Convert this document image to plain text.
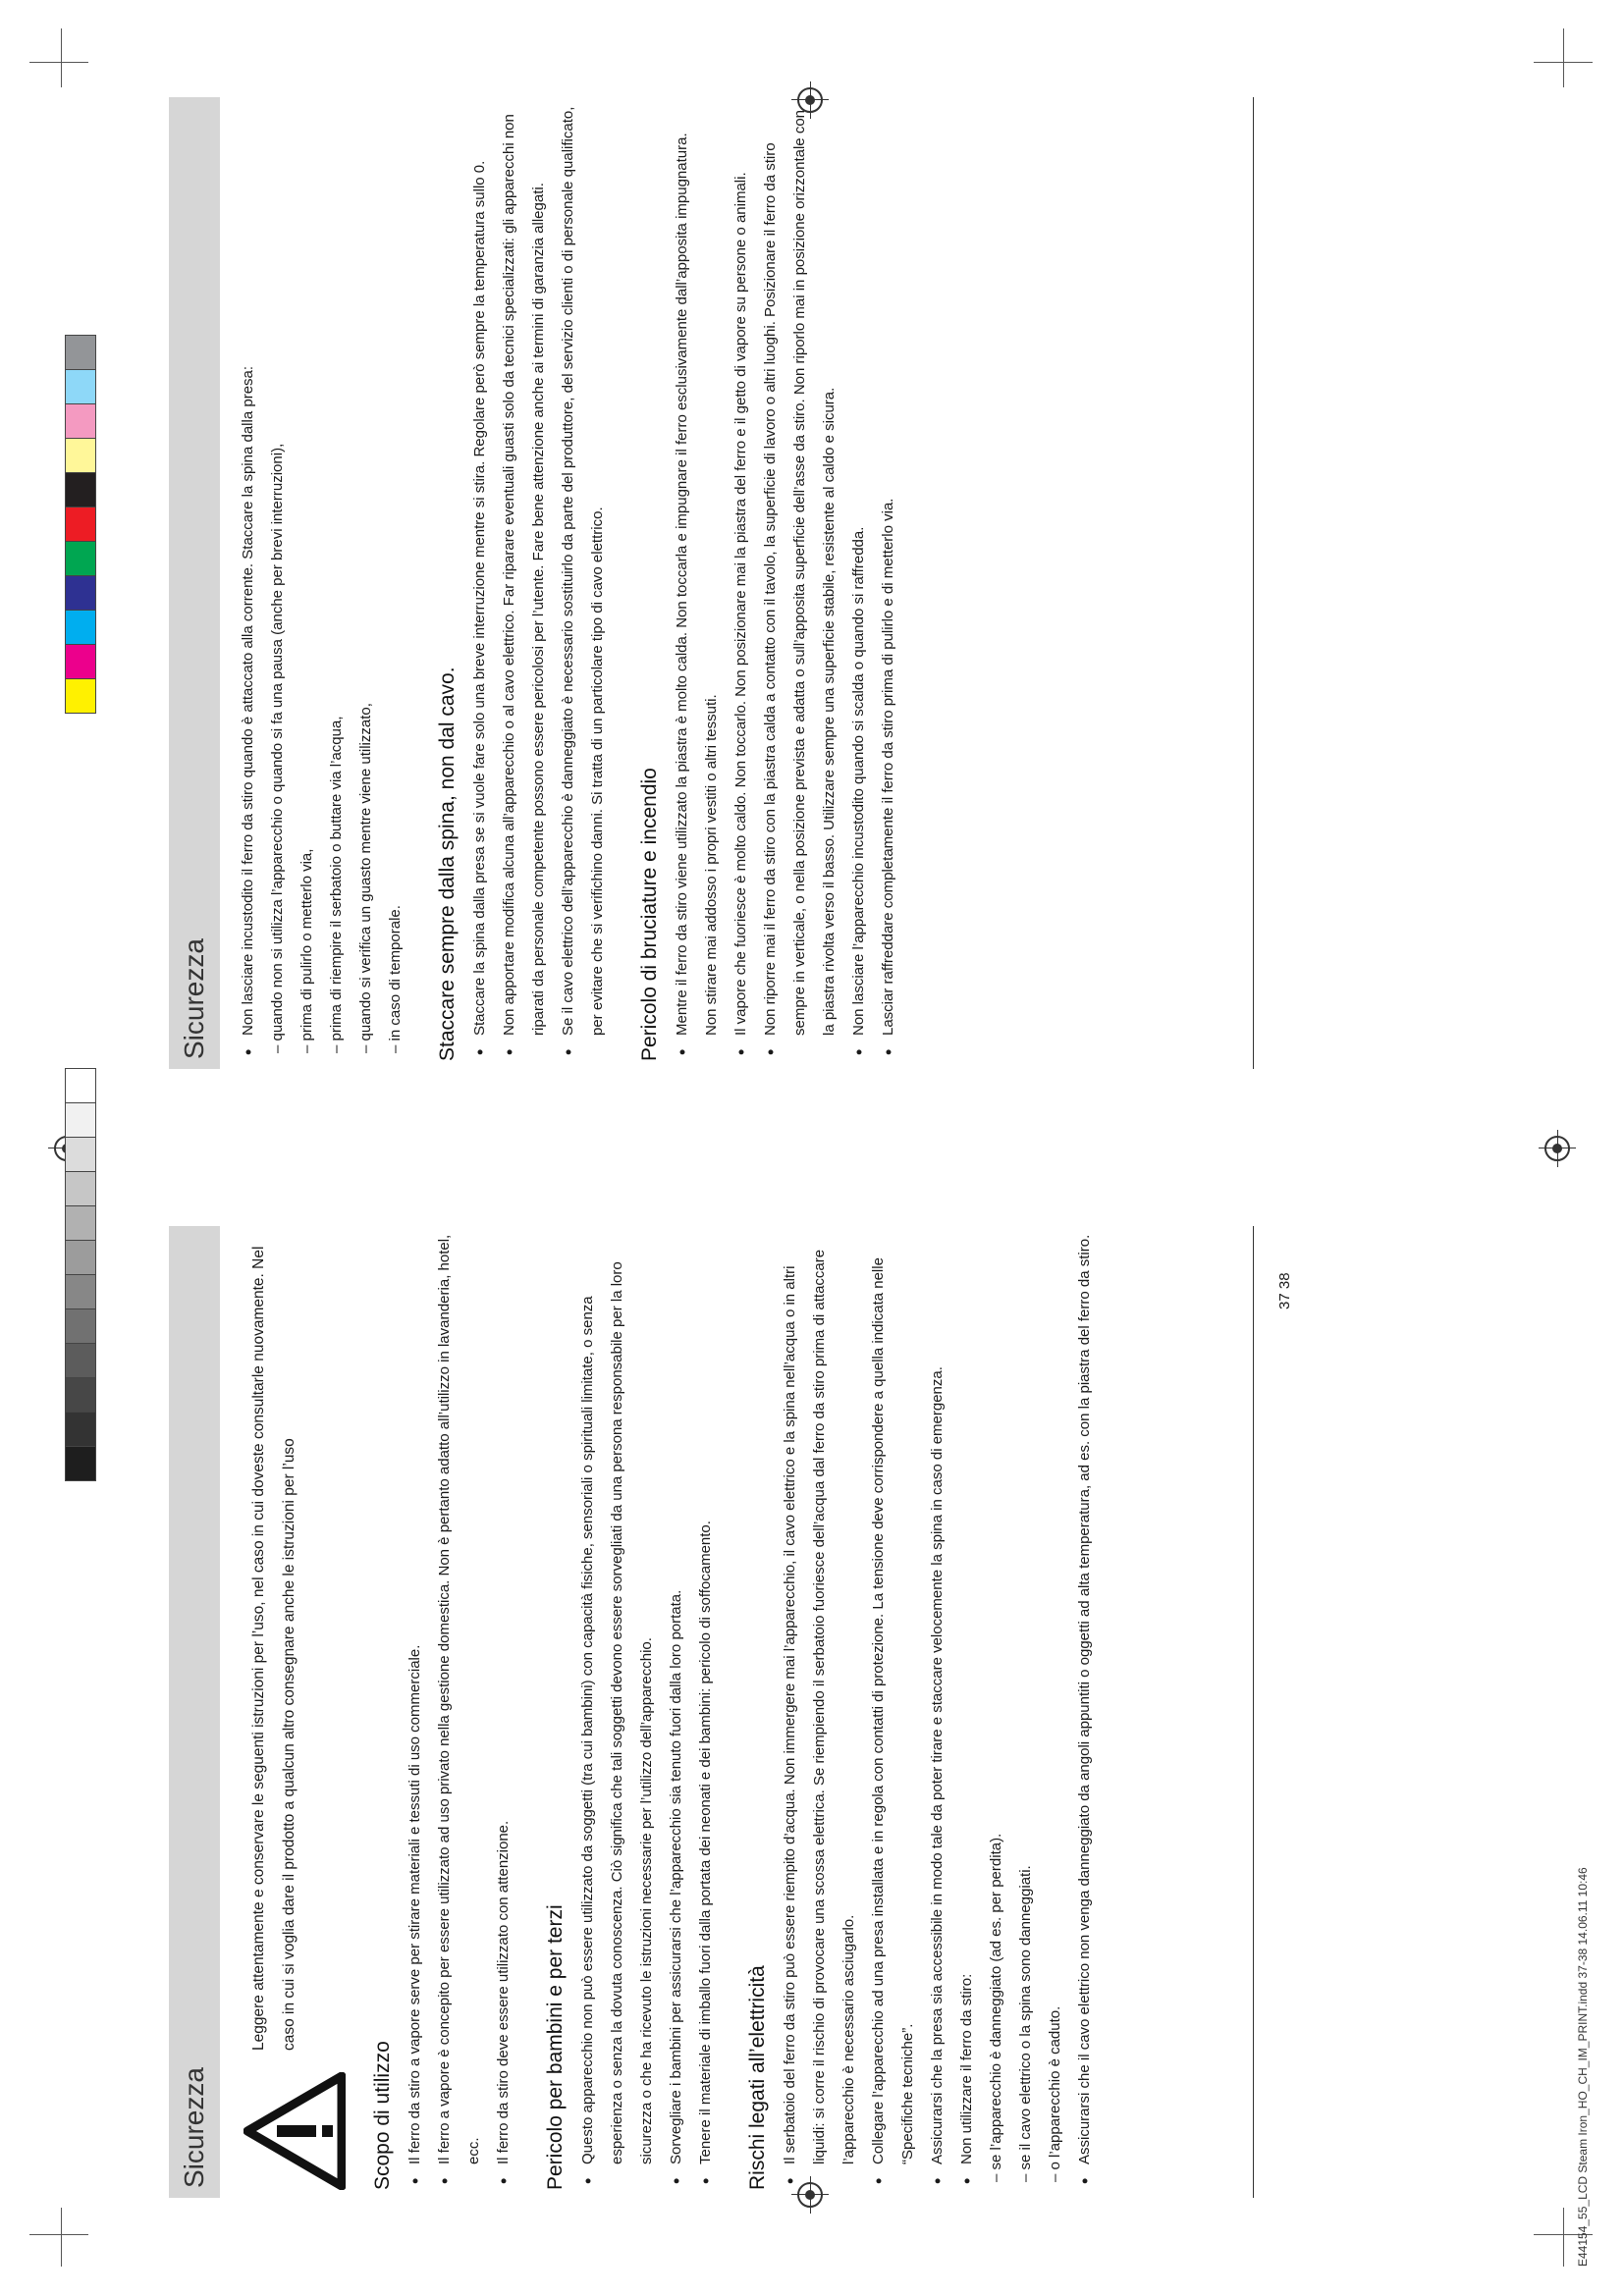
Sicurezza

Leggere attentamente e conservare le seguenti istruzioni per l’uso, nel caso in cui doveste consultarle nuovamente. Nel caso in cui si voglia dare il prodotto a qualcun altro consegnare anche le istruzioni per l’uso

Scopo di utilizzo • Il ferro da stiro a vapore serve per stirare materiali e tessuti di uso commerciale. • Il ferro a vapore è concepito per essere utilizzato ad uso privato nella gestione domestica. Non è pertanto adatto all’utilizzo in lavanderia, hotel, ecc. • Il ferro da stiro deve essere utilizzato con attenzione.	Pericolo per bambini e per terzi • Questo apparecchio non può essere utilizzato da soggetti (tra cui bambini) con capacità fisiche, sensoriali o spirituali limitate, o senza esperienza o senza la dovuta conoscenza. Ciò significa che tali soggetti devono essere sorvegliati da una persona responsabile per la loro sicurezza o che ha ricevuto le istruzioni necessarie per l’utilizzo dell’apparecchio. • Sorvegliare i bambini per assicurarsi che l’apparecchio sia tenuto fuori dalla loro portata. • Tenere il materiale di imballo fuori dalla portata dei neonati e dei bambini: pericolo di soffocamento.	Rischi legati all’elettricità • Il serbatoio del ferro da stiro può essere riempito d’acqua. Non immergere mai l’apparecchio, il cavo elettrico e la spina nell’acqua o in altri liquidi: si corre il rischio di provocare una scossa elettrica. Se riempiendo il serbatoio fuoriesce dell’acqua dal ferro da stiro prima di attaccare l’apparecchio è necessario asciugarlo. • Collegare l’apparecchio ad una presa installata e in regola con contatti di protezione. La tensione deve corrispondere a quella indicata nelle “Specifiche tecniche”. • Assicurarsi che la presa sia accessibile in modo tale da poter tirare e staccare velocemente la spina in caso di emergenza. • Non utilizzare il ferro da stiro: – se l’apparecchio è danneggiato (ad es. per perdita). – se il cavo elettrico o la spina sono danneggiati. – o l’apparecchio è caduto. • Assicurarsi che il cavo elettrico non venga danneggiato da angoli appuntiti o oggetti ad alta temperatura, ad es. con la piastra del ferro da stiro.
Sicurezza	• Non lasciare incustodito il ferro da stiro quando è attaccato alla corrente. Staccare la spina dalla presa: – quando non si utilizza l’apparecchio o quando si fa una pausa (anche per brevi interruzioni), – prima di pulirlo o metterlo via, – prima di riempire il serbatoio o buttare via l’acqua, – quando si verifica un guasto mentre viene utilizzato, – in caso di temporale.	Staccare sempre dalla spina, non dal cavo. • Staccare la spina dalla presa se si vuole fare solo una breve interruzione mentre si stira. Regolare però sempre la temperatura sullo 0. • Non apportare modifica alcuna all’apparecchio o al cavo elettrico. Far riparare eventuali guasti solo da tecnici specializzati: gli apparecchi non riparati da personale competente possono essere pericolosi per l’utente. Fare bene attenzione anche ai termini di garanzia allegati. • Se il cavo elettrico dell’apparecchio è danneggiato è necessario sostituirlo da parte del produttore, del servizio clienti o di personale qualificato, per evitare che si verifichino danni. Si tratta di un particolare tipo di cavo elettrico.	Pericolo di bruciature e incendio • Mentre il ferro da stiro viene utilizzato la piastra è molto calda. Non toccarla e impugnare il ferro esclusivamente dall’apposita impugnatura. Non stirare mai addosso i propri vestiti o altri tessuti. • Il vapore che fuoriesce è molto caldo. Non toccarlo. Non posizionare mai la piastra del ferro e il getto di vapore su persone o animali. • Non riporre mai il ferro da stiro con la piastra calda a contatto con il tavolo, la superficie di lavoro o altri luoghi. Posizionare il ferro da stiro sempre in verticale, o nella posizione prevista e adatta o sull’apposita superficie dell’asse da stiro. Non riporlo mai in posizione orizzontale con la piastra rivolta verso il basso. Utilizzare sempre una superficie stabile, resistente al caldo e sicura. • Non lasciare l’apparecchio incustodito quando si scalda o quando si raffredda. • Lasciar raffreddare completamente il ferro da stiro prima di pulirlo e di metterlo via.
37 38
E44154_55_LCD Steam Iron_HO_CH_IM_PRINT.indd 37-38 14.06.11 10:46
